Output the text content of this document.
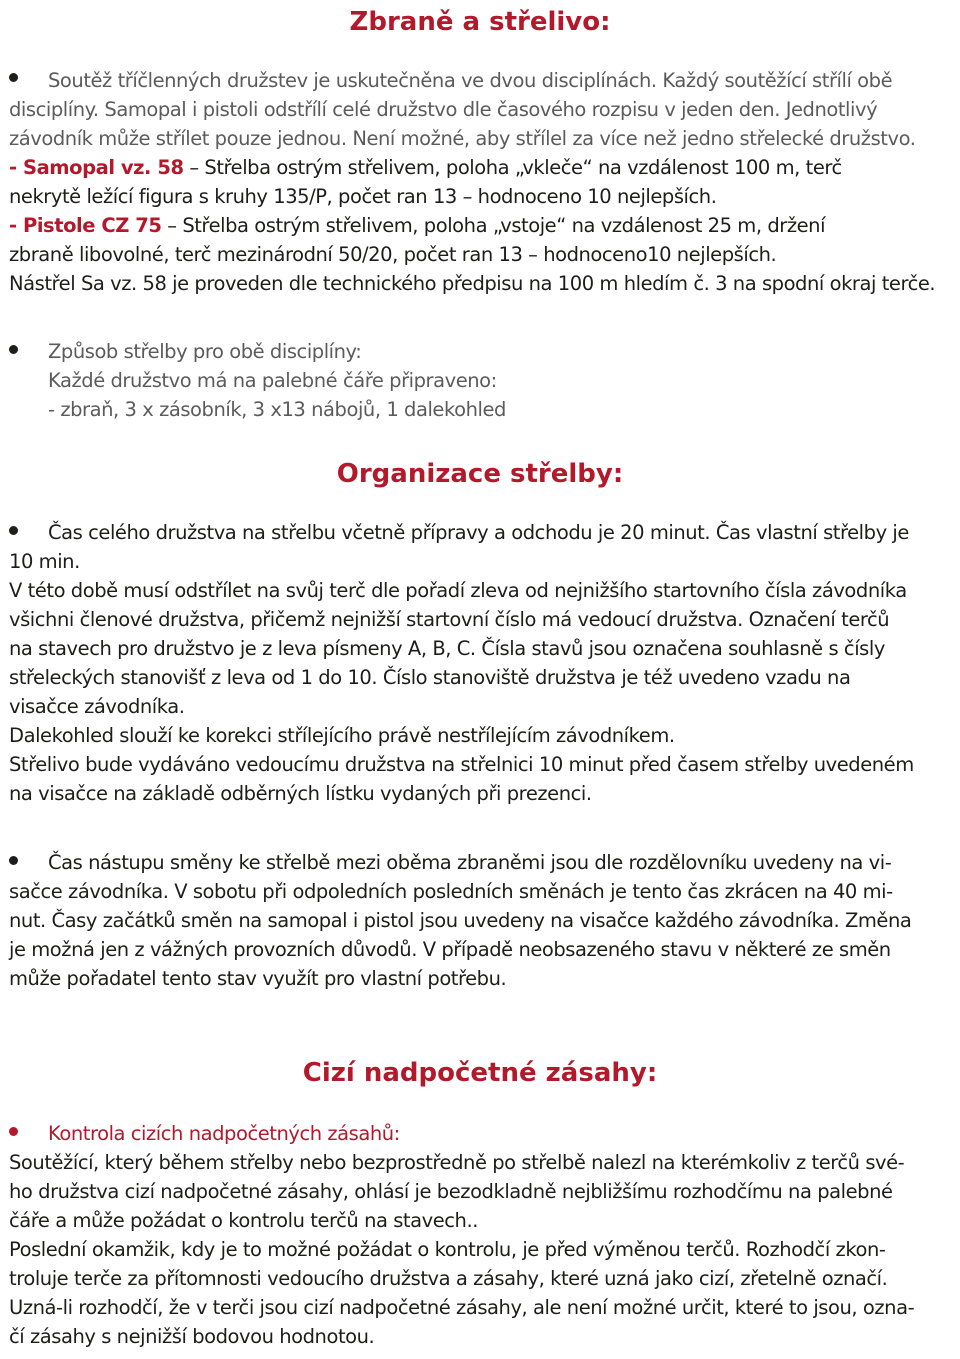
Zbraně a střelivo:
Soutěž tříčlenných družstev je uskutečněna ve dvou disciplínách. Každý soutěžící střílí obě
disciplíny. Samopal i pistoli odstřílí celé družstvo dle časového rozpisu v jeden den. Jednotlivý
závodník může střílet pouze jednou. Není možné, aby střílel za více než jedno střelecké družstvo.
- Samopal vz. 58 – Střelba ostrým střelivem, poloha „vkleče“ na vzdálenost 100 m, terč
nekrytě ležící figura s kruhy 135/P, počet ran 13 – hodnoceno 10 nejlepších.
- Pistole CZ 75 – Střelba ostrým střelivem, poloha „vstoje“ na vzdálenost 25 m, držení
zbraně libovolné, terč mezinárodní 50/20, počet ran 13 – hodnoceno10 nejlepších.
Nástřel Sa vz. 58 je proveden dle technického předpisu na 100 m hledím č. 3 na spodní okraj terče.
Způsob střelby pro obě disciplíny:
Každé družstvo má na palebné čáře připraveno:
- zbraň, 3 x zásobník, 3 x13 nábojů, 1 dalekohled
Organizace střelby:
Čas celého družstva na střelbu včetně přípravy a odchodu je 20 minut. Čas vlastní střelby je
10 min.
V této době musí odstřílet na svůj terč dle pořadí zleva od nejnižšího startovního čísla závodníka
všichni členové družstva, přičemž nejnižší startovní číslo má vedoucí družstva. Označení terčů
na stavech pro družstvo je z leva písmeny A, B, C. Čísla stavů jsou označena souhlasně s čísly
střeleckých stanovišť z leva od 1 do 10. Číslo stanoviště družstva je též uvedeno vzadu na
visačce závodníka.
Dalekohled slouží ke korekci střílejícího právě nestřílejícím závodníkem.
Střelivo bude vydáváno vedoucímu družstva na střelnici 10 minut před časem střelby uvedeném
na visačce na základě odběrných lístku vydaných při prezenci.
Čas nástupu směny ke střelbě mezi oběma zbraněmi jsou dle rozdělovníku uvedeny na vi-
sačce závodníka. V sobotu při odpoledních posledních směnách je tento čas zkrácen na 40 mi-
nut. Časy začátků směn na samopal i pistol jsou uvedeny na visačce každého závodníka. Změna
je možná jen z vážných provozních důvodů. V případě neobsazeného stavu v některé ze směn
může pořadatel tento stav využít pro vlastní potřebu.
Cizí nadpočetné zásahy:
Kontrola cizích nadpočetných zásahů:
Soutěžící, který během střelby nebo bezprostředně po střelbě nalezl na kterémkoliv z terčů své-
ho družstva cizí nadpočetné zásahy, ohlásí je bezodkladně nejbližšímu rozhodčímu na palebné
čáře a může požádat o kontrolu terčů na stavech..
Poslední okamžik, kdy je to možné požádat o kontrolu, je před výměnou terčů. Rozhodčí zkon-
troluje terče za přítomnosti vedoucího družstva a zásahy, které uzná jako cizí, zřetelně označí.
Uzná-li rozhodčí, že v terči jsou cizí nadpočetné zásahy, ale není možné určit, které to jsou, ozna-
čí zásahy s nejnižší bodovou hodnotou.
